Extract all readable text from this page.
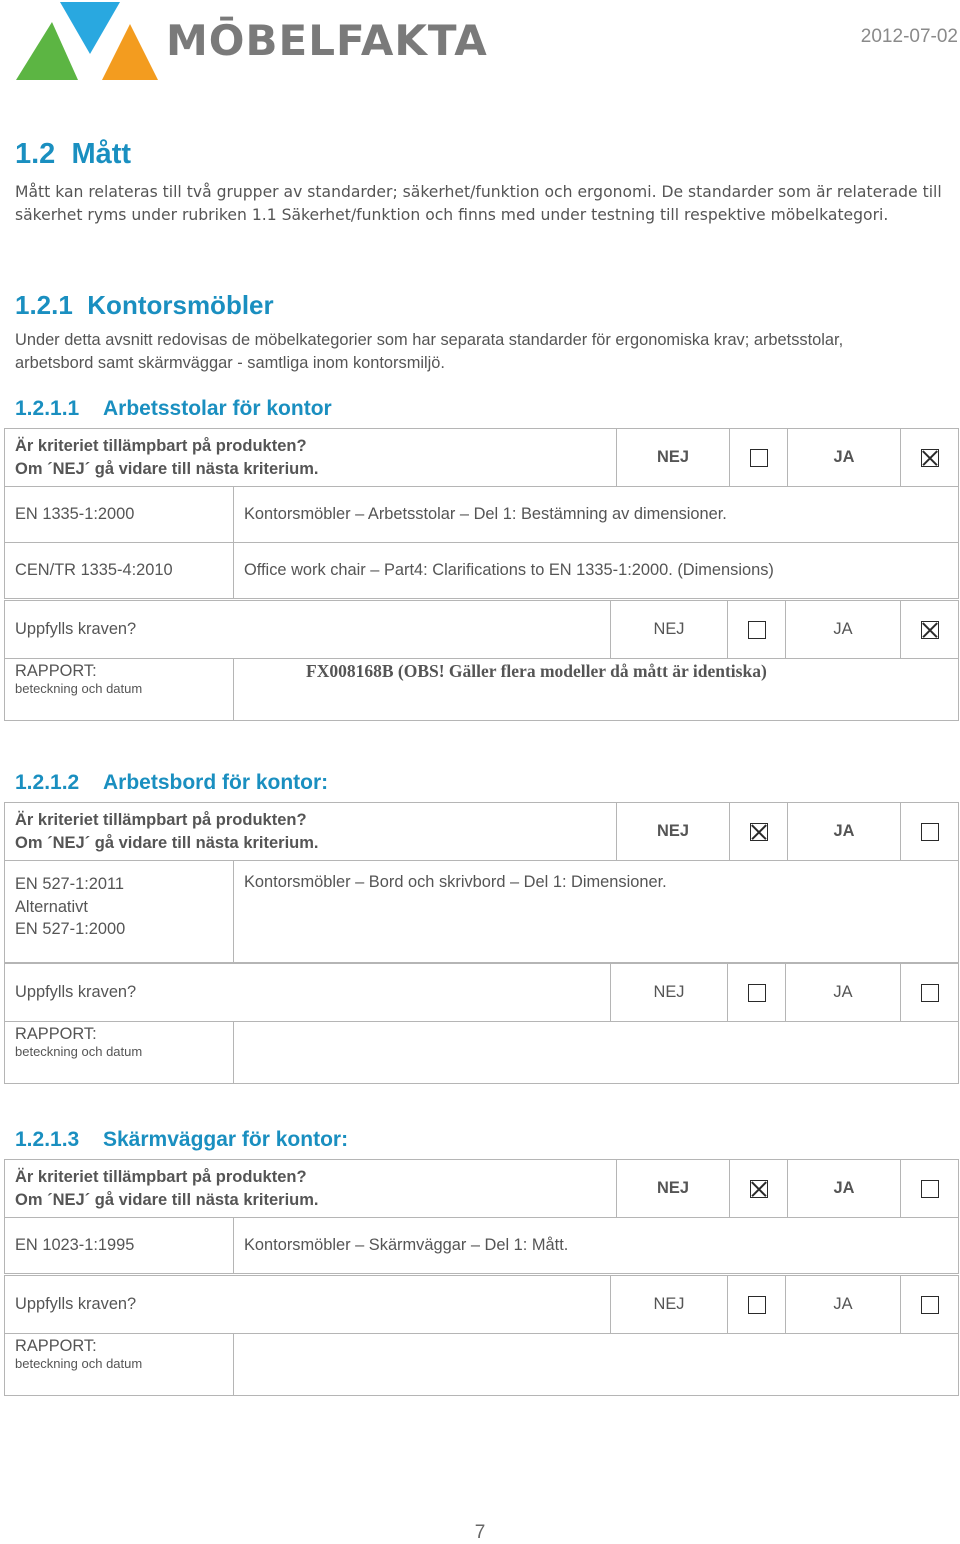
MŌBELFAKTA	2012-07-02
1.2 Mått
Mått kan relateras till två grupper av standarder; säkerhet/funktion och ergonomi. De standarder som är relaterade till
säkerhet ryms under rubriken 1.1 Säkerhet/funktion och finns med under testning till respektive möbelkategori.
1.2.1 Kontorsmöbler
Under detta avsnitt redovisas de möbelkategorier som har separata standarder för ergonomiska krav; arbetsstolar,
arbetsbord samt skärmväggar - samtliga inom kontorsmiljö.
1.2.1.1 Arbetsstolar för kontor
Är kriteriet tillämpbart på produkten?
Om ´NEJ´ gå vidare till nästa kriterium.		NEJ		JA	
EN 1335-1:2000	Kontorsmöbler – Arbetsstolar – Del 1: Bestämning av dimensioner.				
CEN/TR 1335-4:2010	Office work chair – Part4: Clarifications to EN 1335-1:2000. (Dimensions)				
Uppfylls kraven?		NEJ		JA	

RAPPORT:
beteckning och datum	FX008168B (OBS! Gäller flera modeller då mått är identiska)				
1.2.1.2 Arbetsbord för kontor:
Är kriteriet tillämpbart på produkten?
Om ´NEJ´ gå vidare till nästa kriterium.		NEJ		JA	

EN 527-1:2011
Alternativt
EN 527-1:2000	Kontorsmöbler – Bord och skrivbord – Del 1: Dimensioner.				
Uppfylls kraven?		NEJ		JA	

RAPPORT:
beteckning och datum					

1.2.1.3 Skärmväggar för kontor:
Är kriteriet tillämpbart på produkten?
Om ´NEJ´ gå vidare till nästa kriterium.		NEJ		JA	
EN 1023-1:1995	Kontorsmöbler – Skärmväggar – Del 1: Mått.				
Uppfylls kraven?		NEJ		JA	

RAPPORT:
beteckning och datum					

7
